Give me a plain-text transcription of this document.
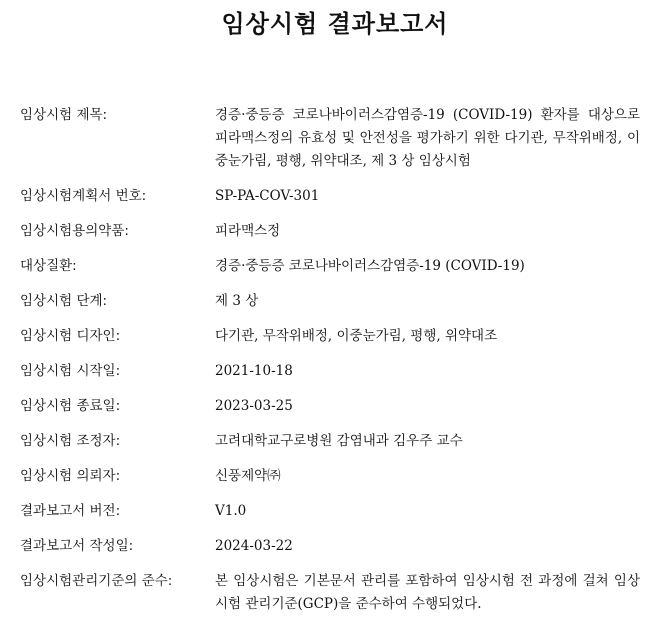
임상시험 결과보고서
임상시험 제목:	경증·중등증 코로나바이러스감염증-19 (COVID-19) 환자를 대상으로 피라맥스정의 유효성 및 안전성을 평가하기 위한 다기관, 무작위배정, 이중눈가림, 평행, 위약대조, 제 3 상 임상시험
임상시험계획서 번호:	SP-PA-COV-301
임상시험용의약품:	피라맥스정
대상질환:	경증·중등증 코로나바이러스감염증-19 (COVID-19)
임상시험 단계:	제 3 상
임상시험 디자인:	다기관, 무작위배정, 이중눈가림, 평행, 위약대조
임상시험 시작일:	2021-10-18
임상시험 종료일:	2023-03-25
임상시험 조정자:	고려대학교구로병원 감염내과 김우주 교수
임상시험 의뢰자:	신풍제약㈜
결과보고서 버전:	V1.0
결과보고서 작성일:	2024-03-22
임상시험관리기준의 준수:	본 임상시험은 기본문서 관리를 포함하여 임상시험 전 과정에 걸쳐 임상시험 관리기준(GCP)을 준수하여 수행되었다.
